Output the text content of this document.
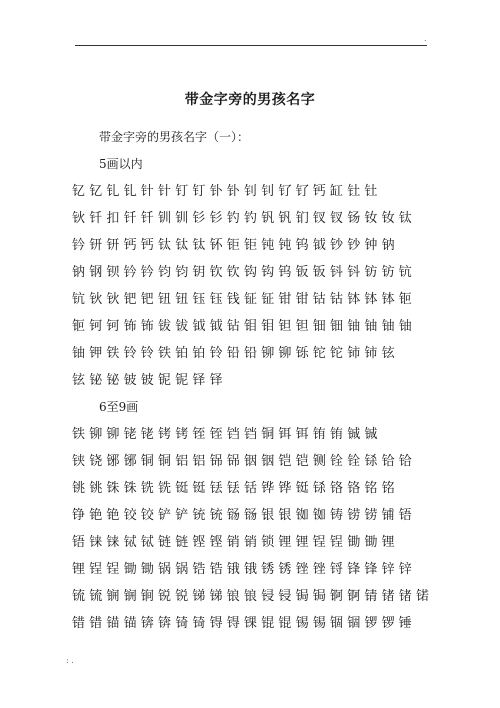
.
带金字旁的男孩名字
带金字旁的男孩名字（一）：
5画以内
钇钇钆钆针针钉钉钋钋钊钊钌钌钙缸钍钍
钬钎扣钎钎钏钏钐钐钓钓钒钒钔钗钗钖钕钕钛
钤钘钘钙钙钛钛钛钚钜钜钝钝钨钺钞钞钟钠
钠钢钡钤钤钧钧钥钦钦钩钩钨钣钣钭钭钫钫钪
钪钬钬钯钯钮钮钰钰钱钲钲钳钳钴钴钵钵钵钷
钷钶钶钸钸钹钹钺钺钻钼钼钽钽钿钿铀铀铀铀
铀钾铁铃铃铁铂铂铃铅铅铆铆铄铊铊铈铈铉
铉铋铋铍铍铌铌铎铎
6至9画
铁铆铆铑铑铐铐铚铚铛铛铜铒铒铕铕铖铖
铗铙铘铘铜铜铝铝铞铞铟铟铠铠铡铨铨铩铪铪
铫铫铢铢铣铣铤铤铥铥铦铧铧铤铩铬铬铭铭
铮铯铯铰铰铲铲铳铳铴铴银银铷铷铸铹铹铺铻
铻铼铼铽铽链链铿铿销销锁锂锂锃锃锄锄锂
锂锃锃锄锄锅锅锆锆锇锇锈锈锉锉锊锋锋锌锌
锍锍锎锎锏锐锐锑锑锒锒锓锓锔锔锕锕锖锗锗锘
错错锚锚锛锛锜锜锝锝锞锟锟锡锡锢锢锣锣锤
: .
